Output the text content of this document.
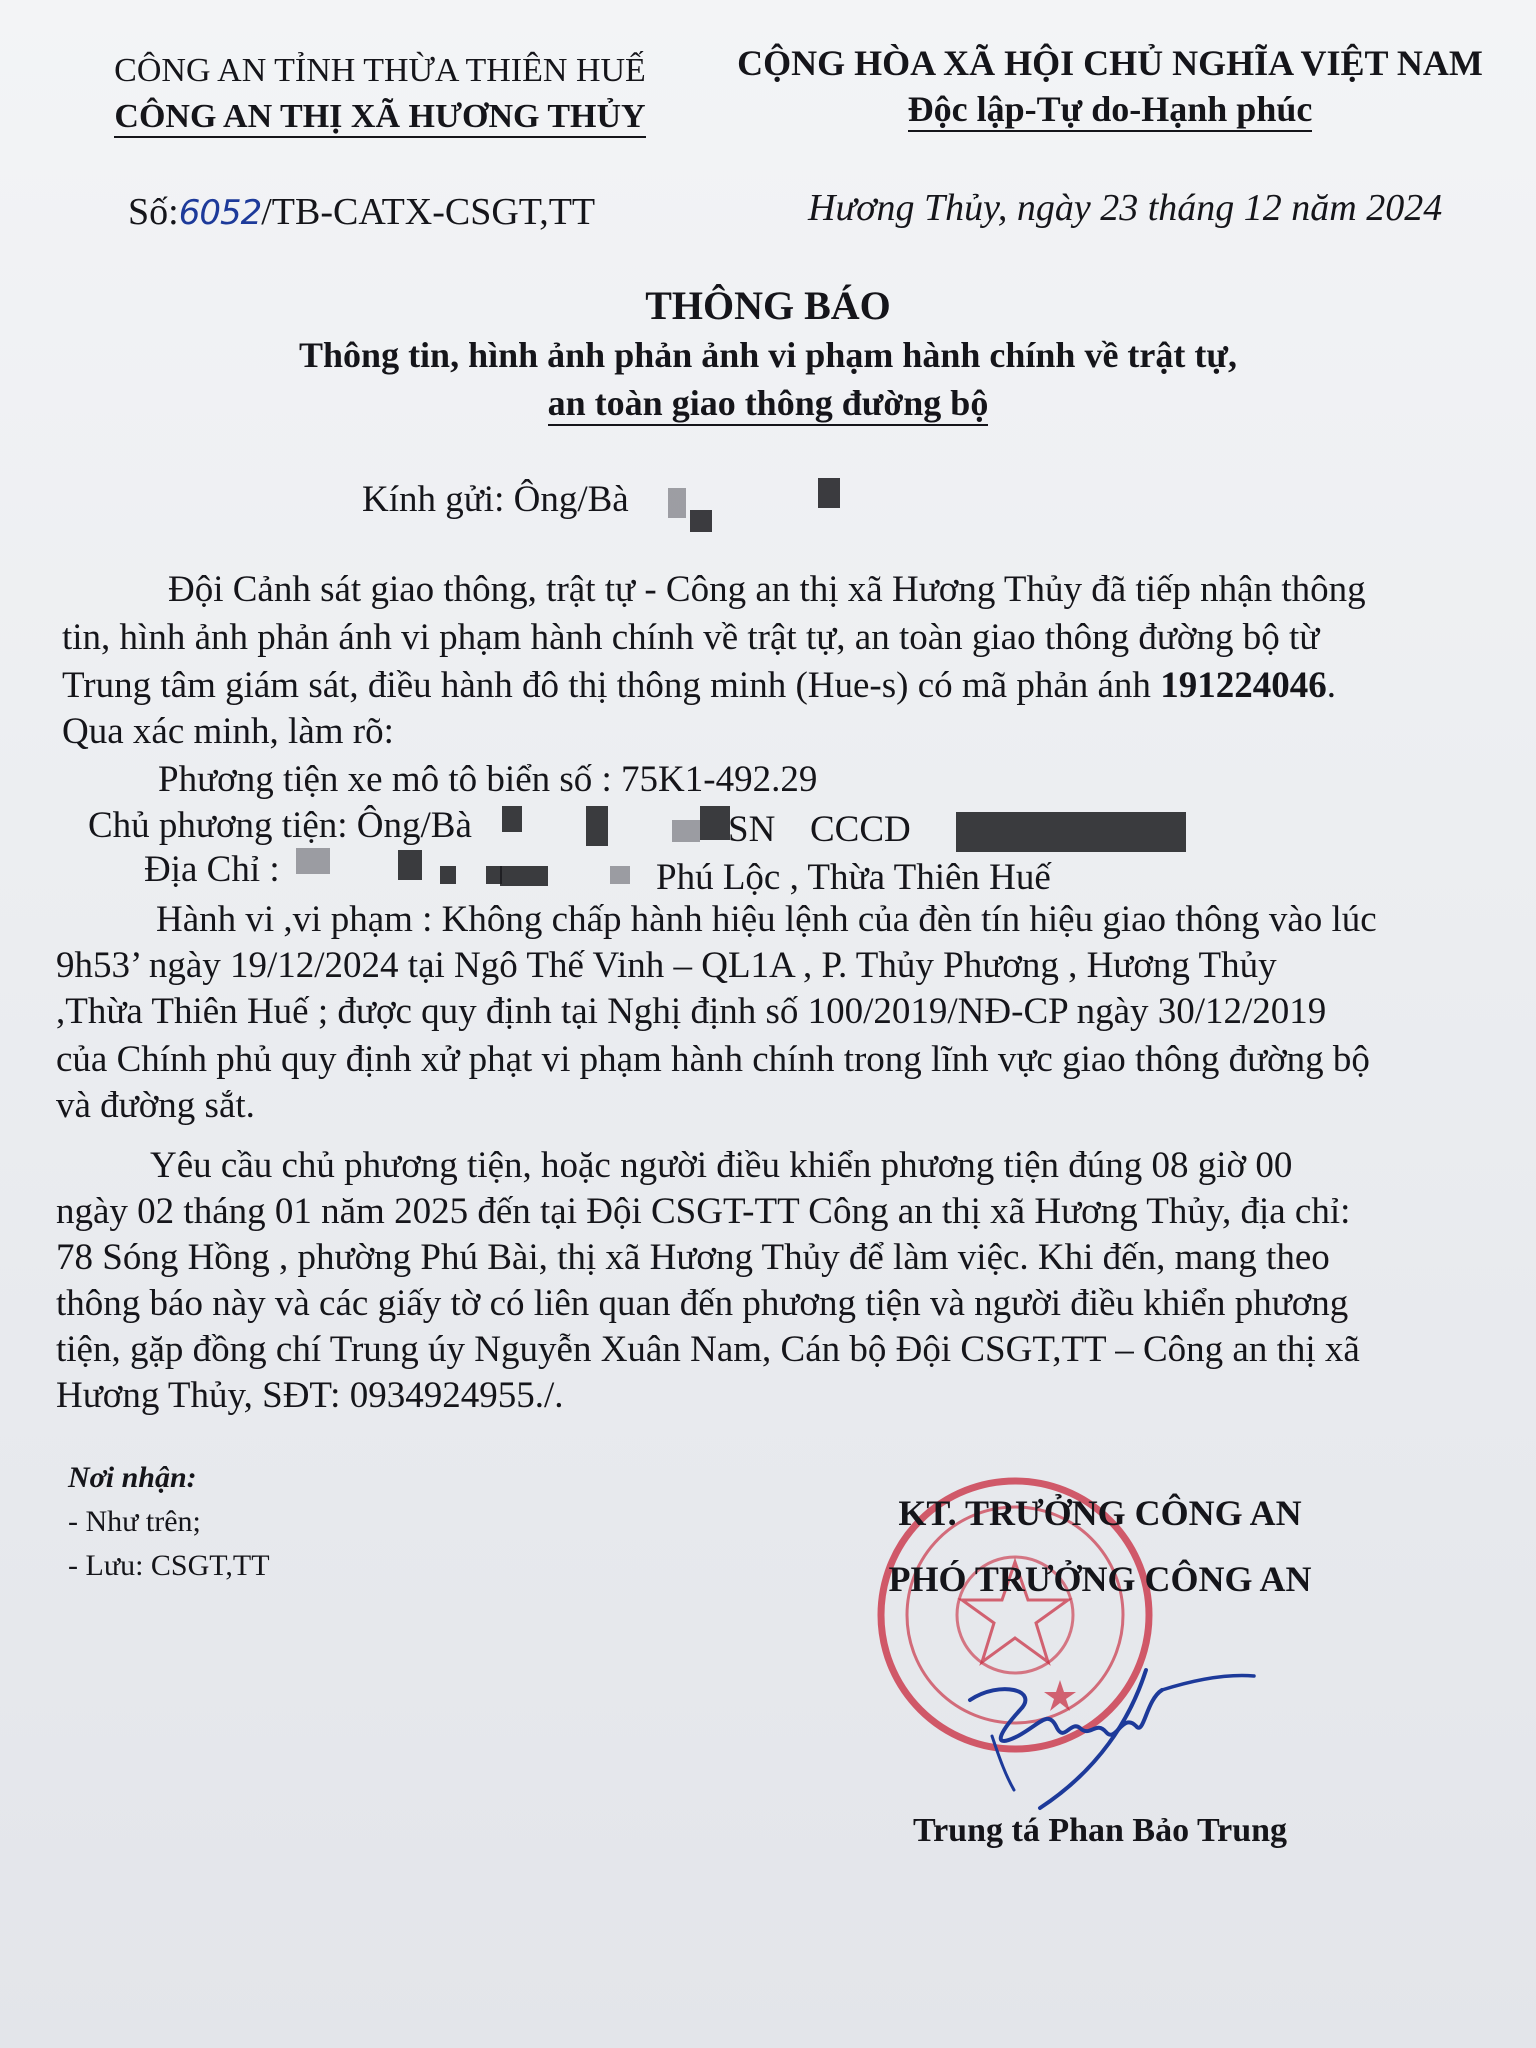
CÔNG AN TỈNH THỪA THIÊN HUẾ
CÔNG AN THỊ XÃ HƯƠNG THỦY
CỘNG HÒA XÃ HỘI CHỦ NGHĨA VIỆT NAM
Độc lập-Tự do-Hạnh phúc
Số:6052/TB-CATX-CSGT,TT	Hương Thủy, ngày 23 tháng 12 năm 2024
THÔNG BÁO
Thông tin, hình ảnh phản ảnh vi phạm hành chính về trật tự,
an toàn giao thông đường bộ
Kính gửi: Ông/Bà
Đội Cảnh sát giao thông, trật tự - Công an thị xã Hương Thủy đã tiếp nhận thông
tin, hình ảnh phản ánh vi phạm hành chính về trật tự, an toàn giao thông đường bộ từ
Trung tâm giám sát, điều hành đô thị thông minh (Hue-s) có mã phản ánh 191224046.
Qua xác minh, làm rõ:
Phương tiện xe mô tô biển số : 75K1-492.29
Chủ phương tiện: Ông/Bà	SN CCCD
Địa Chỉ :	Phú Lộc , Thừa Thiên Huế
Hành vi ,vi phạm : Không chấp hành hiệu lệnh của đèn tín hiệu giao thông vào lúc
9h53’ ngày 19/12/2024 tại Ngô Thế Vinh – QL1A , P. Thủy Phương , Hương Thủy
,Thừa Thiên Huế ; được quy định tại Nghị định số 100/2019/NĐ-CP ngày 30/12/2019
của Chính phủ quy định xử phạt vi phạm hành chính trong lĩnh vực giao thông đường bộ
và đường sắt.
Yêu cầu chủ phương tiện, hoặc người điều khiển phương tiện đúng 08 giờ 00
ngày 02 tháng 01 năm 2025 đến tại Đội CSGT-TT Công an thị xã Hương Thủy, địa chỉ:
78 Sóng Hồng , phường Phú Bài, thị xã Hương Thủy để làm việc. Khi đến, mang theo
thông báo này và các giấy tờ có liên quan đến phương tiện và người điều khiển phương
tiện, gặp đồng chí Trung úy Nguyễn Xuân Nam, Cán bộ Đội CSGT,TT – Công an thị xã
Hương Thủy, SĐT: 0934924955./.
Nơi nhận:
- Như trên;
- Lưu: CSGT,TT
KT. TRƯỞNG CÔNG AN
PHÓ TRƯỞNG CÔNG AN
Trung tá Phan Bảo Trung
